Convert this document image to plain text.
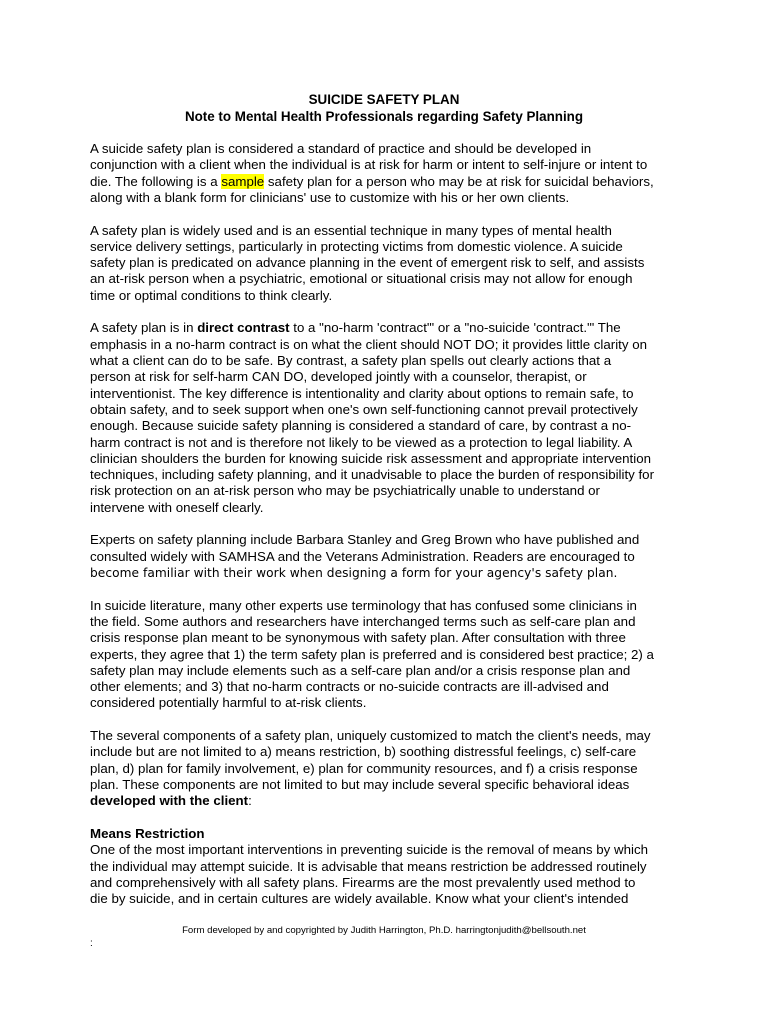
SUICIDE SAFETY PLAN

Note to Mental Health Professionals regarding Safety Planning

A suicide safety plan is considered a standard of practice and should be developed in
conjunction with a client when the individual is at risk for harm or intent to self-injure or intent to
die. The following is a sample safety plan for a person who may be at risk for suicidal behaviors,
along with a blank form for clinicians' use to customize with his or her own clients.

A safety plan is widely used and is an essential technique in many types of mental health
service delivery settings, particularly in protecting victims from domestic violence. A suicide
safety plan is predicated on advance planning in the event of emergent risk to self, and assists
an at-risk person when a psychiatric, emotional or situational crisis may not allow for enough
time or optimal conditions to think clearly.

A safety plan is in direct contrast to a "no-harm 'contract'" or a "no-suicide 'contract.'" The
emphasis in a no-harm contract is on what the client should NOT DO; it provides little clarity on
what a client can do to be safe. By contrast, a safety plan spells out clearly actions that a
person at risk for self-harm CAN DO, developed jointly with a counselor, therapist, or
interventionist. The key difference is intentionality and clarity about options to remain safe, to
obtain safety, and to seek support when one's own self-functioning cannot prevail protectively
enough. Because suicide safety planning is considered a standard of care, by contrast a no-
harm contract is not and is therefore not likely to be viewed as a protection to legal liability. A
clinician shoulders the burden for knowing suicide risk assessment and appropriate intervention
techniques, including safety planning, and it unadvisable to place the burden of responsibility for
risk protection on an at-risk person who may be psychiatrically unable to understand or
intervene with oneself clearly.

Experts on safety planning include Barbara Stanley and Greg Brown who have published and
consulted widely with SAMHSA and the Veterans Administration. Readers are encouraged to
become familiar with their work when designing a form for your agency's safety plan.

In suicide literature, many other experts use terminology that has confused some clinicians in
the field. Some authors and researchers have interchanged terms such as self-care plan and
crisis response plan meant to be synonymous with safety plan. After consultation with three
experts, they agree that 1) the term safety plan is preferred and is considered best practice; 2) a
safety plan may include elements such as a self-care plan and/or a crisis response plan and
other elements; and 3) that no-harm contracts or no-suicide contracts are ill-advised and
considered potentially harmful to at-risk clients.

The several components of a safety plan, uniquely customized to match the client's needs, may
include but are not limited to a) means restriction, b) soothing distressful feelings, c) self-care
plan, d) plan for family involvement, e) plan for community resources, and f) a crisis response
plan. These components are not limited to but may include several specific behavioral ideas
developed with the client:

Means Restriction

One of the most important interventions in preventing suicide is the removal of means by which
the individual may attempt suicide. It is advisable that means restriction be addressed routinely
and comprehensively with all safety plans. Firearms are the most prevalently used method to
die by suicide, and in certain cultures are widely available. Know what your client's intended

Form developed by and copyrighted by Judith Harrington, Ph.D. harringtonjudith@bellsouth.net
:
